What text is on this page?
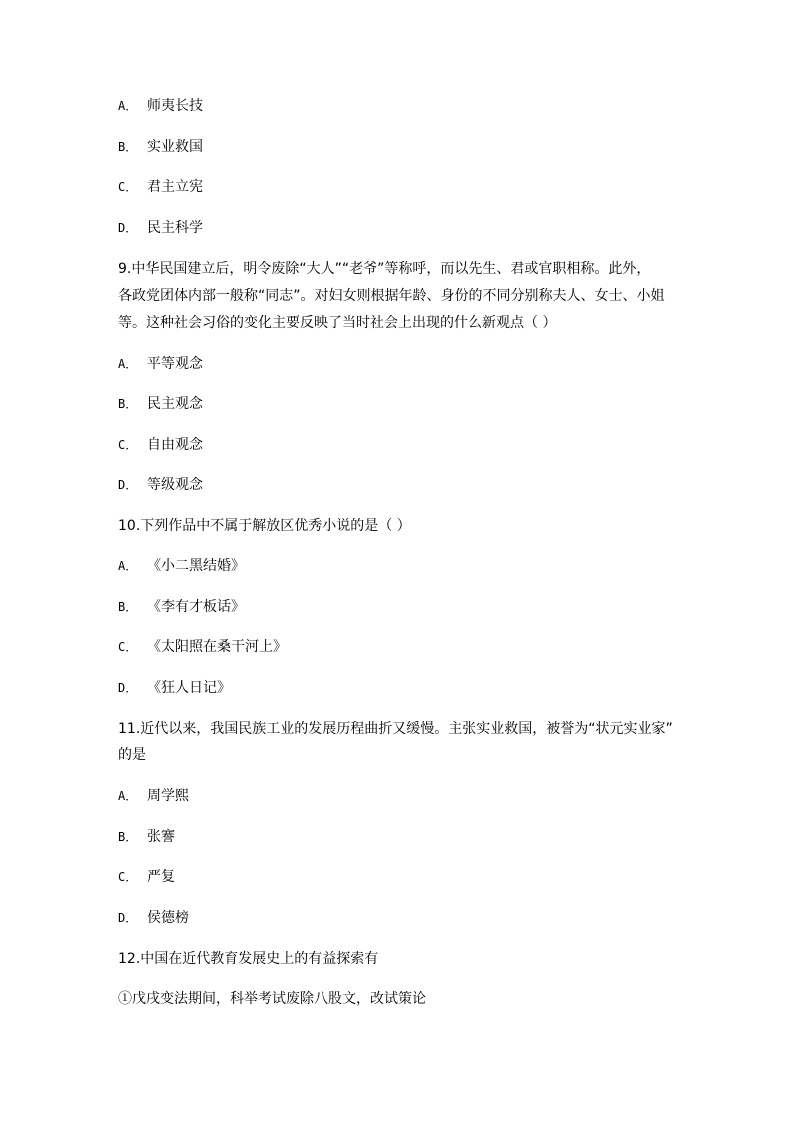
A． 师夷长技
B． 实业救国
C． 君主立宪
D． 民主科学
9.中华民国建立后，明令废除“大人”“老爷”等称呼，而以先生、君或官职相称。此外，
各政党团体内部一般称“同志”。对妇女则根据年龄、身份的不同分别称夫人、女士、小姐
等。这种社会习俗的变化主要反映了当时社会上出现的什么新观点（ ）
A． 平等观念
B． 民主观念
C． 自由观念
D． 等级观念
10.下列作品中不属于解放区优秀小说的是（ ）
A． 《小二黑结婚》
B． 《李有才板话》
C． 《太阳照在桑干河上》
D． 《狂人日记》
11.近代以来，我国民族工业的发展历程曲折又缓慢。主张实业救国，被誉为“状元实业家”
的是
A． 周学熙
B． 张謇
C． 严复
D． 侯德榜
12.中国在近代教育发展史上的有益探索有
①戊戌变法期间，科举考试废除八股文，改试策论
